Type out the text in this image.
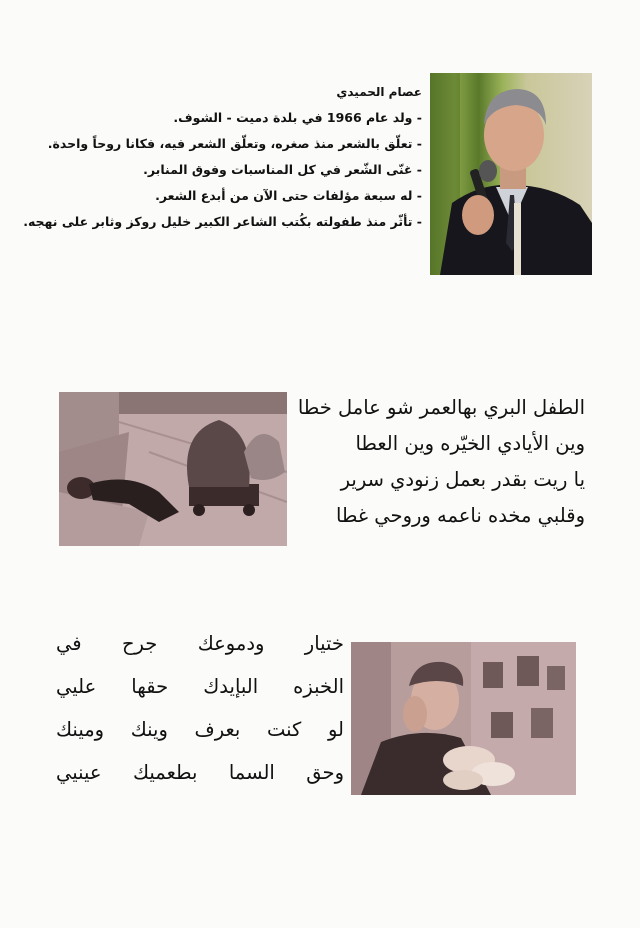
عصام الحميدي
- ولد عام 1966 في بلدة دميت - الشوف.
- تعلّق بالشعر منذ صغره، وتعلّق الشعر فيه، فكانا روحاً واحدة.
- غنّى الشّعر في كل المناسبات وفوق المنابر.
- له سبعة مؤلفات حتى الآن من أبدع الشعر.
- تأثّر منذ طفولته بكُتب الشاعر الكبير خليل روكز وثابر على نهجه.
الطفل البري بهالعمر شو عامل خطا
وين الأيادي الخيّره وين العطا
يا ريت بقدر بعمل زنودي سرير
وقلبي مخده ناعمه وروحي غطا
ختيار ودموعك جرح في
الخبزه البإيدك حقها عليي
لو كنت بعرف وينك ومينك
وحق السما بطعميك عينيي
